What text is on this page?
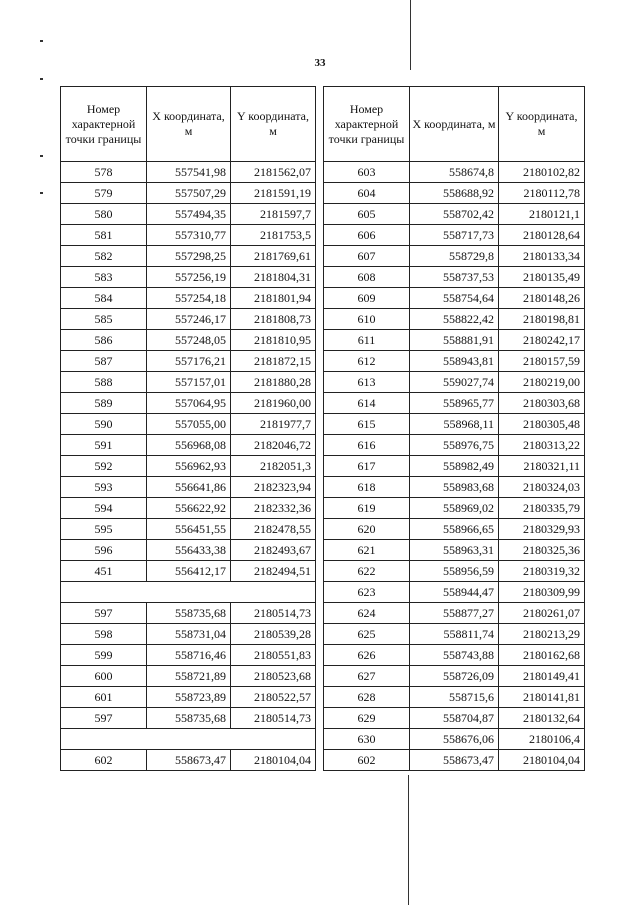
33
Номер характерной точки границы	X координата, м	Y координата, м
578	557541,98	2181562,07
579	557507,29	2181591,19
580	557494,35	2181597,7
581	557310,77	2181753,5
582	557298,25	2181769,61
583	557256,19	2181804,31
584	557254,18	2181801,94
585	557246,17	2181808,73
586	557248,05	2181810,95
587	557176,21	2181872,15
588	557157,01	2181880,28
589	557064,95	2181960,00
590	557055,00	2181977,7
591	556968,08	2182046,72
592	556962,93	2182051,3
593	556641,86	2182323,94
594	556622,92	2182332,36
595	556451,55	2182478,55
596	556433,38	2182493,67
451	556412,17	2182494,51

597	558735,68	2180514,73
598	558731,04	2180539,28
599	558716,46	2180551,83
600	558721,89	2180523,68
601	558723,89	2180522,57
597	558735,68	2180514,73

602	558673,47	2180104,04
Номер характерной точки границы	X координата, м	Y координата, м
603	558674,8	2180102,82
604	558688,92	2180112,78
605	558702,42	2180121,1
606	558717,73	2180128,64
607	558729,8	2180133,34
608	558737,53	2180135,49
609	558754,64	2180148,26
610	558822,42	2180198,81
611	558881,91	2180242,17
612	558943,81	2180157,59
613	559027,74	2180219,00
614	558965,77	2180303,68
615	558968,11	2180305,48
616	558976,75	2180313,22
617	558982,49	2180321,11
618	558983,68	2180324,03
619	558969,02	2180335,79
620	558966,65	2180329,93
621	558963,31	2180325,36
622	558956,59	2180319,32
623	558944,47	2180309,99
624	558877,27	2180261,07
625	558811,74	2180213,29
626	558743,88	2180162,68
627	558726,09	2180149,41
628	558715,6	2180141,81
629	558704,87	2180132,64
630	558676,06	2180106,4
602	558673,47	2180104,04
